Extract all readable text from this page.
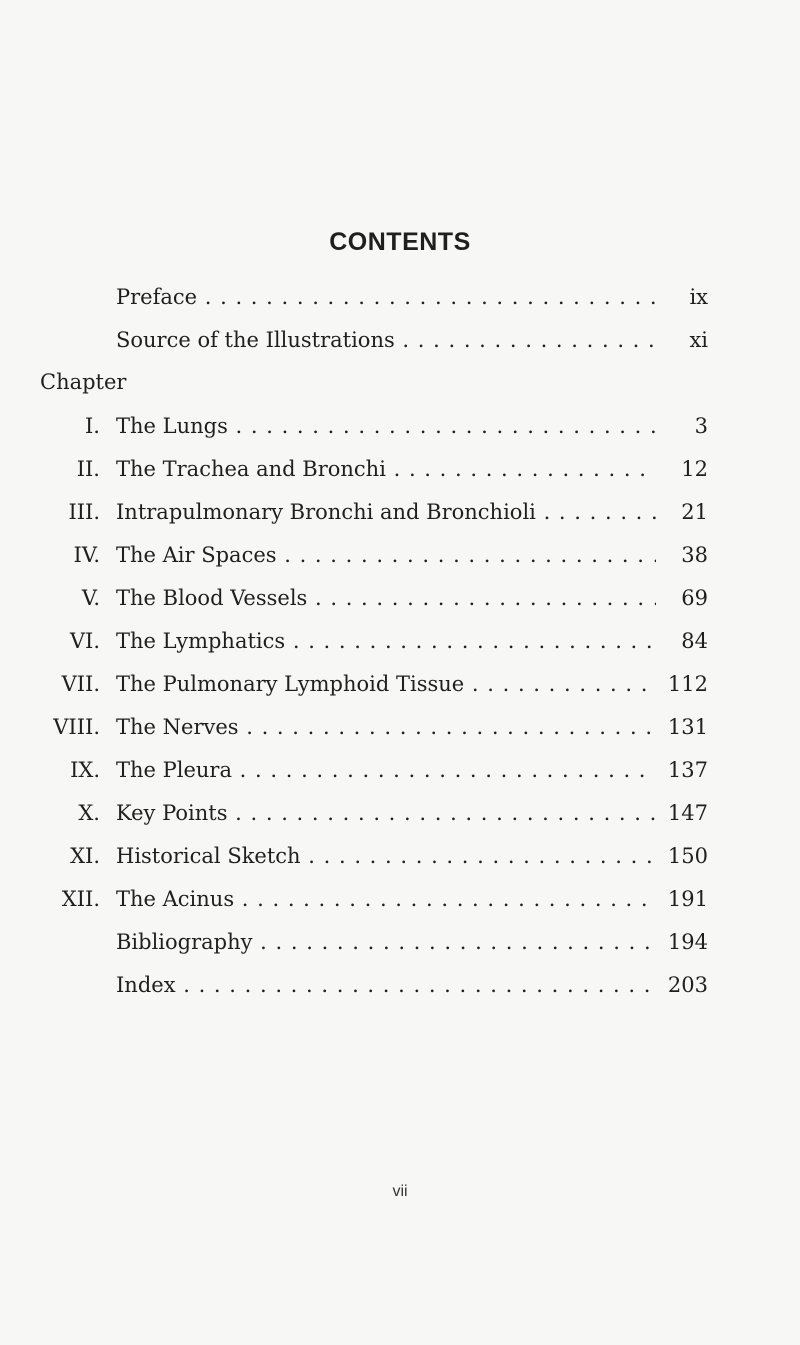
CONTENTS
Preface . . .	ix
Source of the Illustrations . . .	xi
Chapter
I. The Lungs . . .	3
II. The Trachea and Bronchi . . .	12
III. Intrapulmonary Bronchi and Bronchioli . . .	21
IV. The Air Spaces . . .	38
V. The Blood Vessels . . .	69
VI. The Lymphatics . . .	84
VII. The Pulmonary Lymphoid Tissue . . .	112
VIII. The Nerves . . .	131
IX. The Pleura . . .	137
X. Key Points . . .	147
XI. Historical Sketch . . .	150
XII. The Acinus . . .	191
Bibliography . . .	194
Index . . .	203
vii
